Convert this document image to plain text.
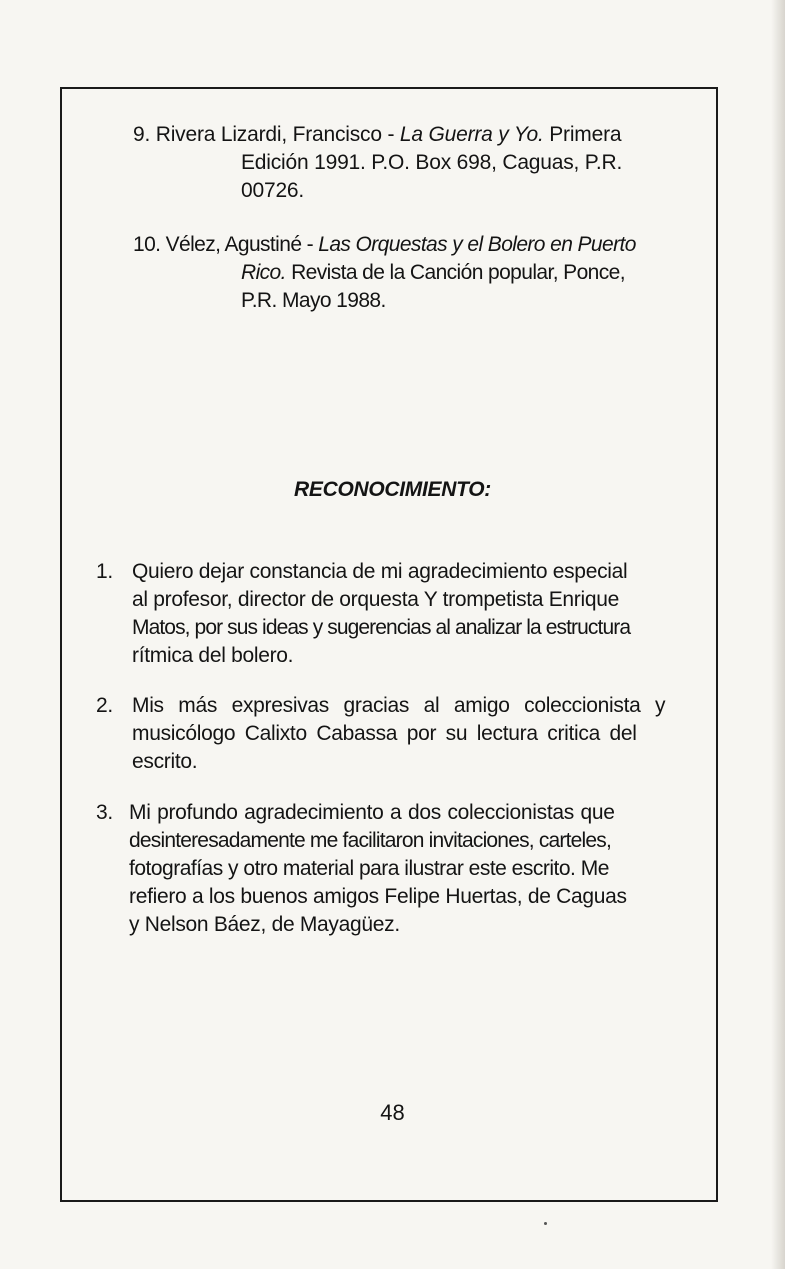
9. Rivera Lizardi, Francisco - La Guerra y Yo. Primera
Edición 1991. P.O. Box 698, Caguas, P.R.
00726.
10. Vélez, Agustiné - Las Orquestas y el Bolero en Puerto
Rico. Revista de la Canción popular, Ponce,
P.R. Mayo 1988.
RECONOCIMIENTO:
1. Quiero dejar constancia de mi agradecimiento especial
al profesor, director de orquesta Y trompetista Enrique
Matos, por sus ideas y sugerencias al analizar la estructura
rítmica del bolero.
2. Mis más expresivas gracias al amigo coleccionista y
musicólogo Calixto Cabassa por su lectura critica del
escrito.
3. Mi profundo agradecimiento a dos coleccionistas que
desinteresadamente me facilitaron invitaciones, carteles,
fotografías y otro material para ilustrar este escrito. Me
refiero a los buenos amigos Felipe Huertas, de Caguas
y Nelson Báez, de Mayagüez.
48
